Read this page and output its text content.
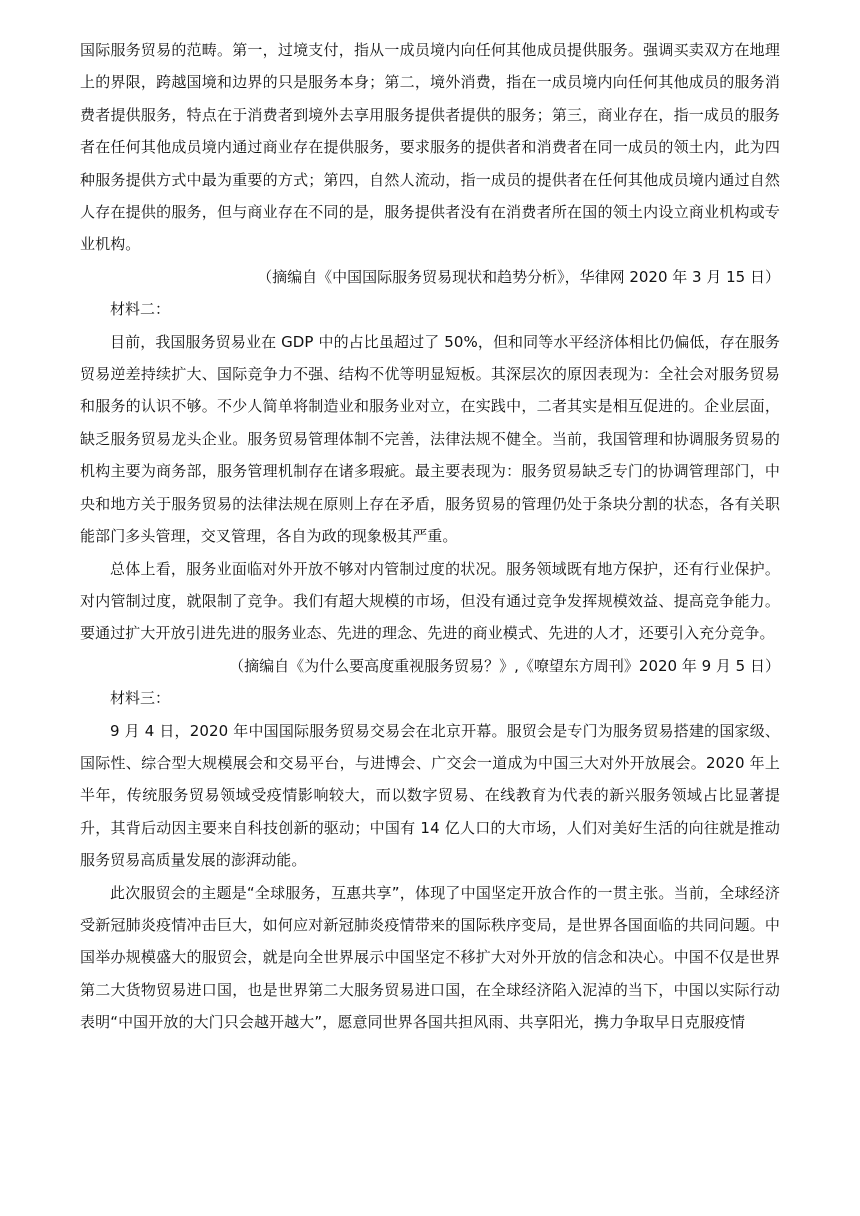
国际服务贸易的范畴。第一，过境支付，指从一成员境内向任何其他成员提供服务。强调买卖双方在地理上的界限，跨越国境和边界的只是服务本身；第二，境外消费，指在一成员境内向任何其他成员的服务消费者提供服务，特点在于消费者到境外去享用服务提供者提供的服务；第三，商业存在，指一成员的服务者在任何其他成员境内通过商业存在提供服务，要求服务的提供者和消费者在同一成员的领土内，此为四种服务提供方式中最为重要的方式；第四，自然人流动，指一成员的提供者在任何其他成员境内通过自然人存在提供的服务，但与商业存在不同的是，服务提供者没有在消费者所在国的领土内设立商业机构或专业机构。

（摘编自《中国国际服务贸易现状和趋势分析》，华律网 2020 年 3 月 15 日）

材料二：

目前，我国服务贸易业在 GDP 中的占比虽超过了 50%，但和同等水平经济体相比仍偏低，存在服务贸易逆差持续扩大、国际竞争力不强、结构不优等明显短板。其深层次的原因表现为：全社会对服务贸易和服务的认识不够。不少人简单将制造业和服务业对立，在实践中，二者其实是相互促进的。企业层面，缺乏服务贸易龙头企业。服务贸易管理体制不完善，法律法规不健全。当前，我国管理和协调服务贸易的机构主要为商务部，服务管理机制存在诸多瑕疵。最主要表现为：服务贸易缺乏专门的协调管理部门，中央和地方关于服务贸易的法律法规在原则上存在矛盾，服务贸易的管理仍处于条块分割的状态，各有关职能部门多头管理，交叉管理，各自为政的现象极其严重。

总体上看，服务业面临对外开放不够对内管制过度的状况。服务领域既有地方保护，还有行业保护。对内管制过度，就限制了竞争。我们有超大规模的市场，但没有通过竞争发挥规模效益、提高竞争能力。要通过扩大开放引进先进的服务业态、先进的理念、先进的商业模式、先进的人才，还要引入充分竞争。

（摘编自《为什么要高度重视服务贸易？》,《嘹望东方周刊》2020 年 9 月 5 日）

材料三：

9 月 4 日，2020 年中国国际服务贸易交易会在北京开幕。服贸会是专门为服务贸易搭建的国家级、国际性、综合型大规模展会和交易平台，与进博会、广交会一道成为中国三大对外开放展会。2020 年上半年，传统服务贸易领域受疫情影响较大，而以数字贸易、在线教育为代表的新兴服务领域占比显著提升，其背后动因主要来自科技创新的驱动；中国有 14 亿人口的大市场，人们对美好生活的向往就是推动服务贸易高质量发展的澎湃动能。

此次服贸会的主题是“全球服务，互惠共享”，体现了中国坚定开放合作的一贯主张。当前，全球经济受新冠肺炎疫情冲击巨大，如何应对新冠肺炎疫情带来的国际秩序变局，是世界各国面临的共同问题。中国举办规模盛大的服贸会，就是向全世界展示中国坚定不移扩大对外开放的信念和决心。中国不仅是世界第二大货物贸易进口国，也是世界第二大服务贸易进口国，在全球经济陷入泥淖的当下，中国以实际行动表明“中国开放的大门只会越开越大”，愿意同世界各国共担风雨、共享阳光，携力争取早日克服疫情
